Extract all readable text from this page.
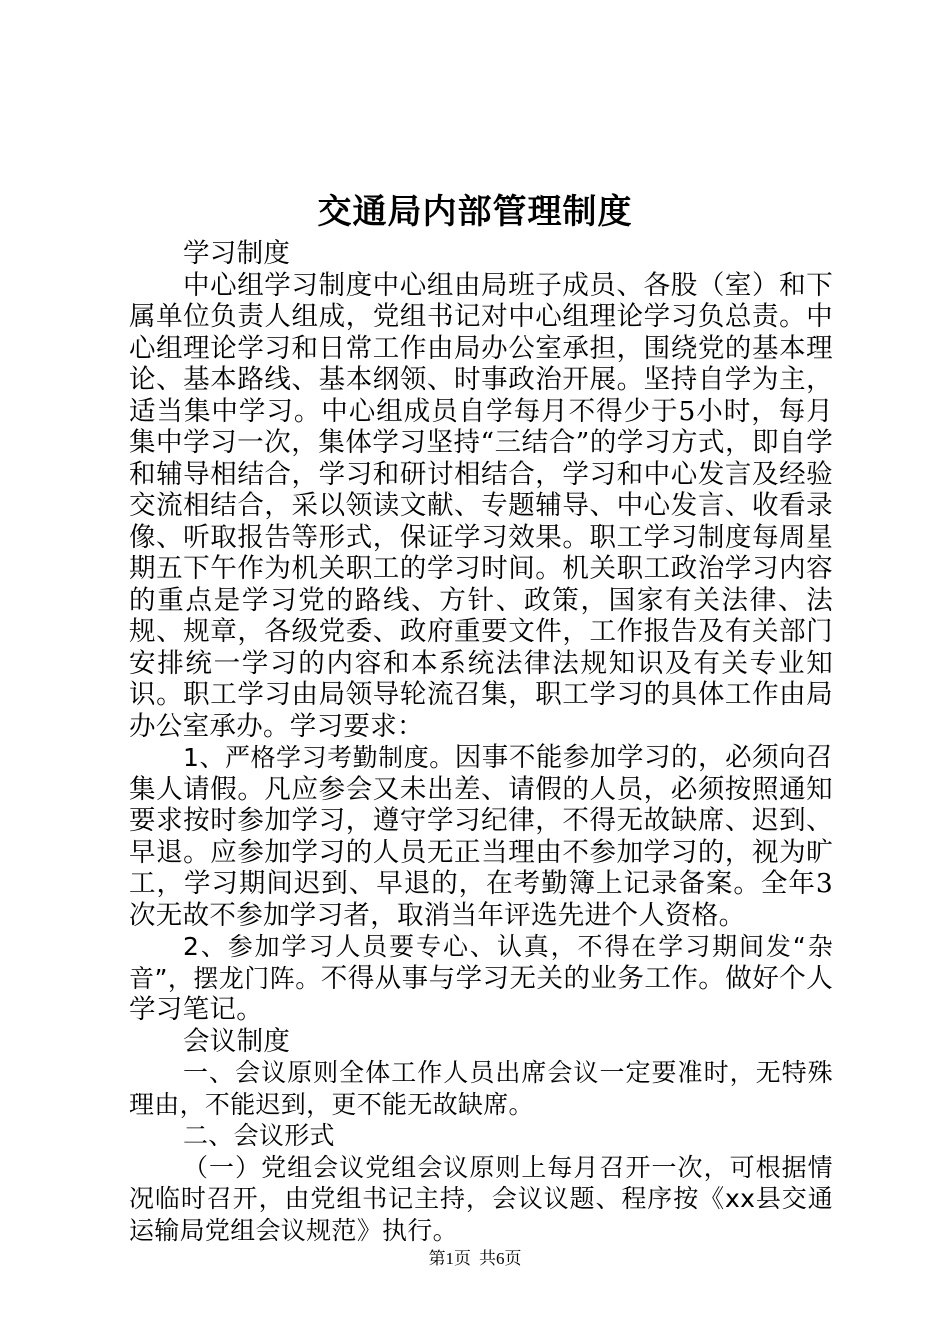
交通局内部管理制度

学习制度

中心组学习制度中心组由局班子成员、各股（室）和下属单位负责人组成，党组书记对中心组理论学习负总责。中心组理论学习和日常工作由局办公室承担，围绕党的基本理论、基本路线、基本纲领、时事政治开展。坚持自学为主，适当集中学习。中心组成员自学每月不得少于5小时，每月集中学习一次，集体学习坚持“三结合”的学习方式，即自学和辅导相结合，学习和研讨相结合，学习和中心发言及经验交流相结合，采以领读文献、专题辅导、中心发言、收看录像、听取报告等形式，保证学习效果。职工学习制度每周星期五下午作为机关职工的学习时间。机关职工政治学习内容的重点是学习党的路线、方针、政策，国家有关法律、法规、规章，各级党委、政府重要文件，工作报告及有关部门安排统一学习的内容和本系统法律法规知识及有关专业知识。职工学习由局领导轮流召集，职工学习的具体工作由局办公室承办。学习要求：

1、严格学习考勤制度。因事不能参加学习的，必须向召集人请假。凡应参会又未出差、请假的人员，必须按照通知要求按时参加学习，遵守学习纪律，不得无故缺席、迟到、早退。应参加学习的人员无正当理由不参加学习的，视为旷工，学习期间迟到、早退的，在考勤簿上记录备案。全年3次无故不参加学习者，取消当年评选先进个人资格。

2、参加学习人员要专心、认真，不得在学习期间发“杂音”，摆龙门阵。不得从事与学习无关的业务工作。做好个人学习笔记。

会议制度

一、会议原则全体工作人员出席会议一定要准时，无特殊理由，不能迟到，更不能无故缺席。

二、会议形式

（一）党组会议党组会议原则上每月召开一次，可根据情况临时召开，由党组书记主持，会议议题、程序按《xx县交通运输局党组会议规范》执行。

第1页 共6页
